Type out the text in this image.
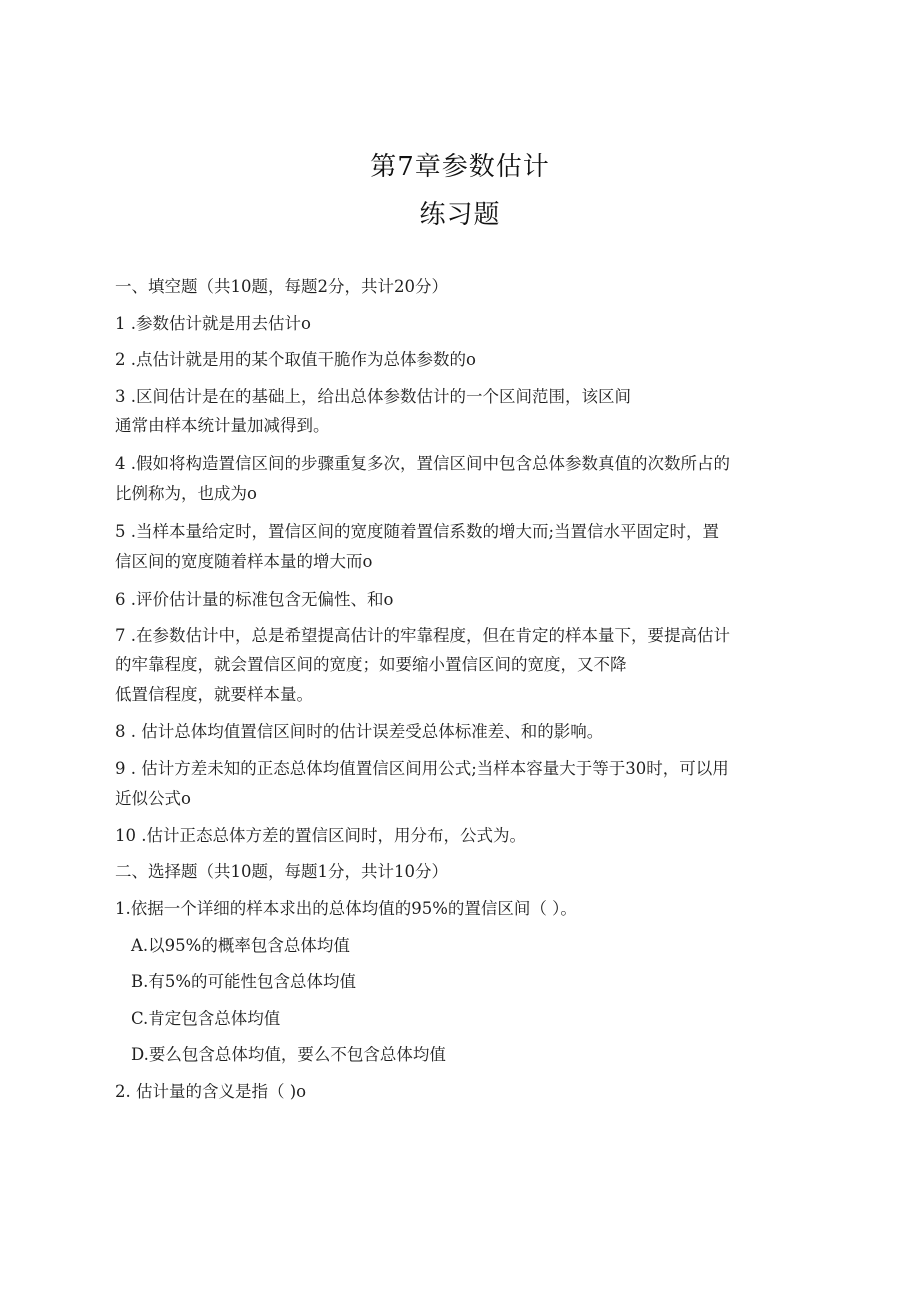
第7章参数估计
练习题
一、填空题（共10题，每题2分，共计20分）
1 .参数估计就是用去估计o
2 .点估计就是用的某个取值干脆作为总体参数的o
3 .区间估计是在的基础上，给出总体参数估计的一个区间范围，该区间
通常由样本统计量加减得到。
4 .假如将构造置信区间的步骤重复多次，置信区间中包含总体参数真值的次数所占的
比例称为，也成为o
5 .当样本量给定时，置信区间的宽度随着置信系数的增大而;当置信水平固定时，置
信区间的宽度随着样本量的增大而o
6 .评价估计量的标准包含无偏性、和o
7 .在参数估计中，总是希望提高估计的牢靠程度，但在肯定的样本量下，要提高估计
的牢靠程度，就会置信区间的宽度；如要缩小置信区间的宽度，又不降
低置信程度，就要样本量。
8 . 估计总体均值置信区间时的估计误差受总体标准差、和的影响。
9 . 估计方差未知的正态总体均值置信区间用公式;当样本容量大于等于30时，可以用
近似公式o
10 .估计正态总体方差的置信区间时，用分布，公式为。
二、选择题（共10题，每题1分，共计10分）
1.依据一个详细的样本求出的总体均值的95%的置信区间（ ）。
A.以95%的概率包含总体均值
B.有5%的可能性包含总体均值
C.肯定包含总体均值
D.要么包含总体均值，要么不包含总体均值
2. 估计量的含义是指（ )o
